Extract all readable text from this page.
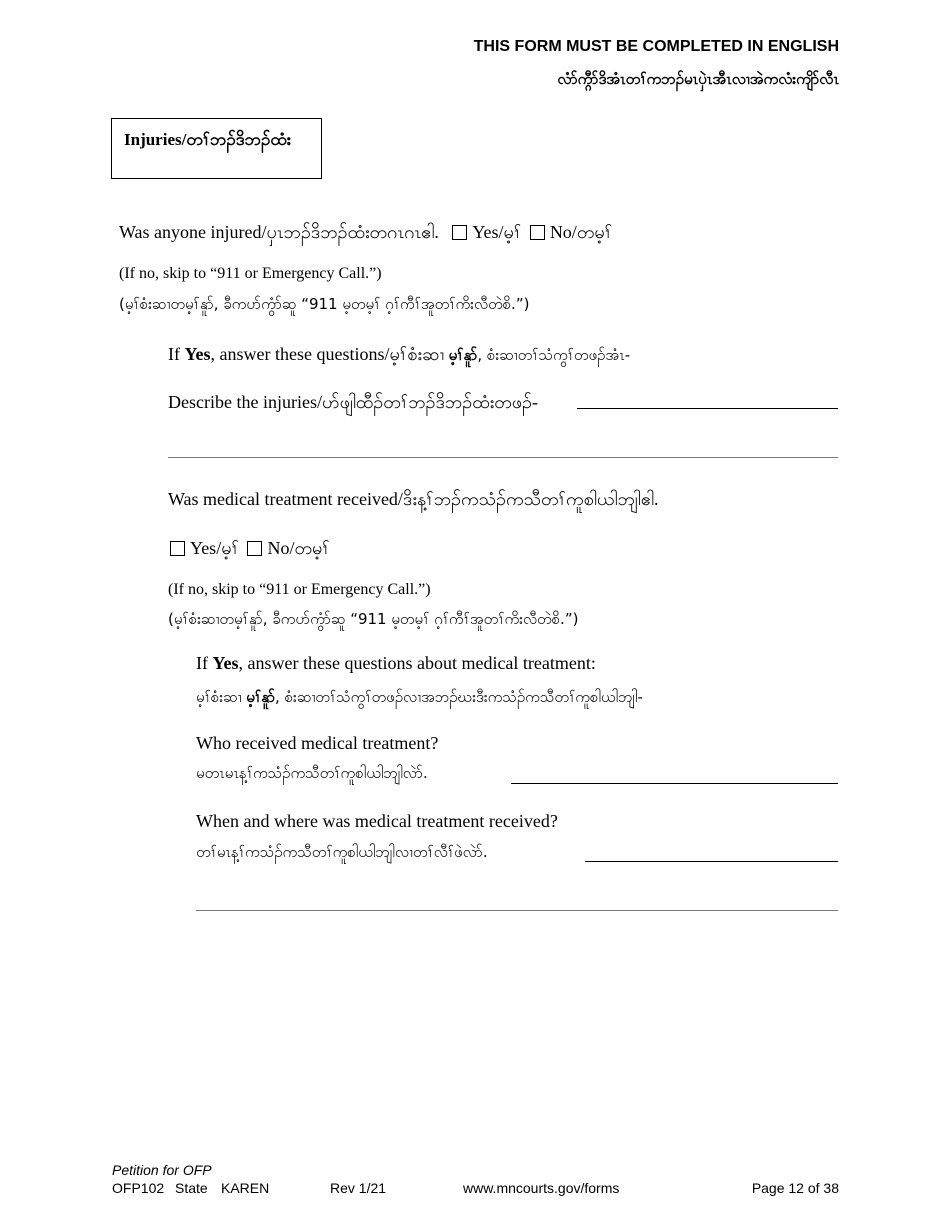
THIS FORM MUST BE COMPLETED IN ENGLISH
လံာ်က္ဂီာ်ဒိအံၤတၢ်ကဘၣ်မၤပှဲၤအီၤလၢအဲကလံးကျိာ်လီၤ
Injuries/တၢ်ဘၣ်ဒိဘၣ်ထံး
Was anyone injured/ပှၤဘၣ်ဒိဘၣ်ထံးတဂၤဂၤဧါ. Yes/မ့ၢ် No/တမ့ၢ်
(If no, skip to “911 or Emergency Call.”)
(မ့ၢ်စံးဆၢတမ့ၢ်နူာ်, ခီကပာ်ကွံာ်ဆူ “911 မ့တမ့ၢ် ဂ့ၢ်ကီၢ်အူတၢ်ကိးလီတဲစိ.”)
If Yes, answer these questions/မ့ၢ်စံးဆၢ မ့ၢ်နူာ်, စံးဆၢတၢ်သံကွၢ်တဖၣ်အံၤ-
Describe the injuries/ဟ်ဖျါထီၣ်တၢ်ဘၣ်ဒိဘၣ်ထံးတဖၣ်-
Was medical treatment received/ဒိးန့ၢ်ဘၣ်ကသံၣ်ကသီတၢ်ကူစါယါဘျါဧါ.
Yes/မ့ၢ် No/တမ့ၢ်
(If no, skip to “911 or Emergency Call.”)
(မ့ၢ်စံးဆၢတမ့ၢ်နူာ်, ခီကပာ်ကွံာ်ဆူ “911 မ့တမ့ၢ် ဂ့ၢ်ကီၢ်အူတၢ်ကိးလီတဲစိ.”)
If Yes, answer these questions about medical treatment:
မ့ၢ်စံးဆၢ မ့ၢ်နူာ်, စံးဆၢတၢ်သံကွၢ်တဖၣ်လၢအဘၣ်ဃးဒီးကသံၣ်ကသီတၢ်ကူစါယါဘျါ-
Who received medical treatment?
မတၤမၤန့ၢ်ကသံၣ်ကသီတၢ်ကူစါယါဘျါလဲာ်.
When and where was medical treatment received?
တၢ်မၤန့ၢ်ကသံၣ်ကသီတၢ်ကူစါယါဘျါလၢတၢ်လီၢ်ဖဲလဲာ်.
Petition for OFP
OFP102 State KAREN	Rev 1/21	www.mncourts.gov/forms	Page 12 of 38
